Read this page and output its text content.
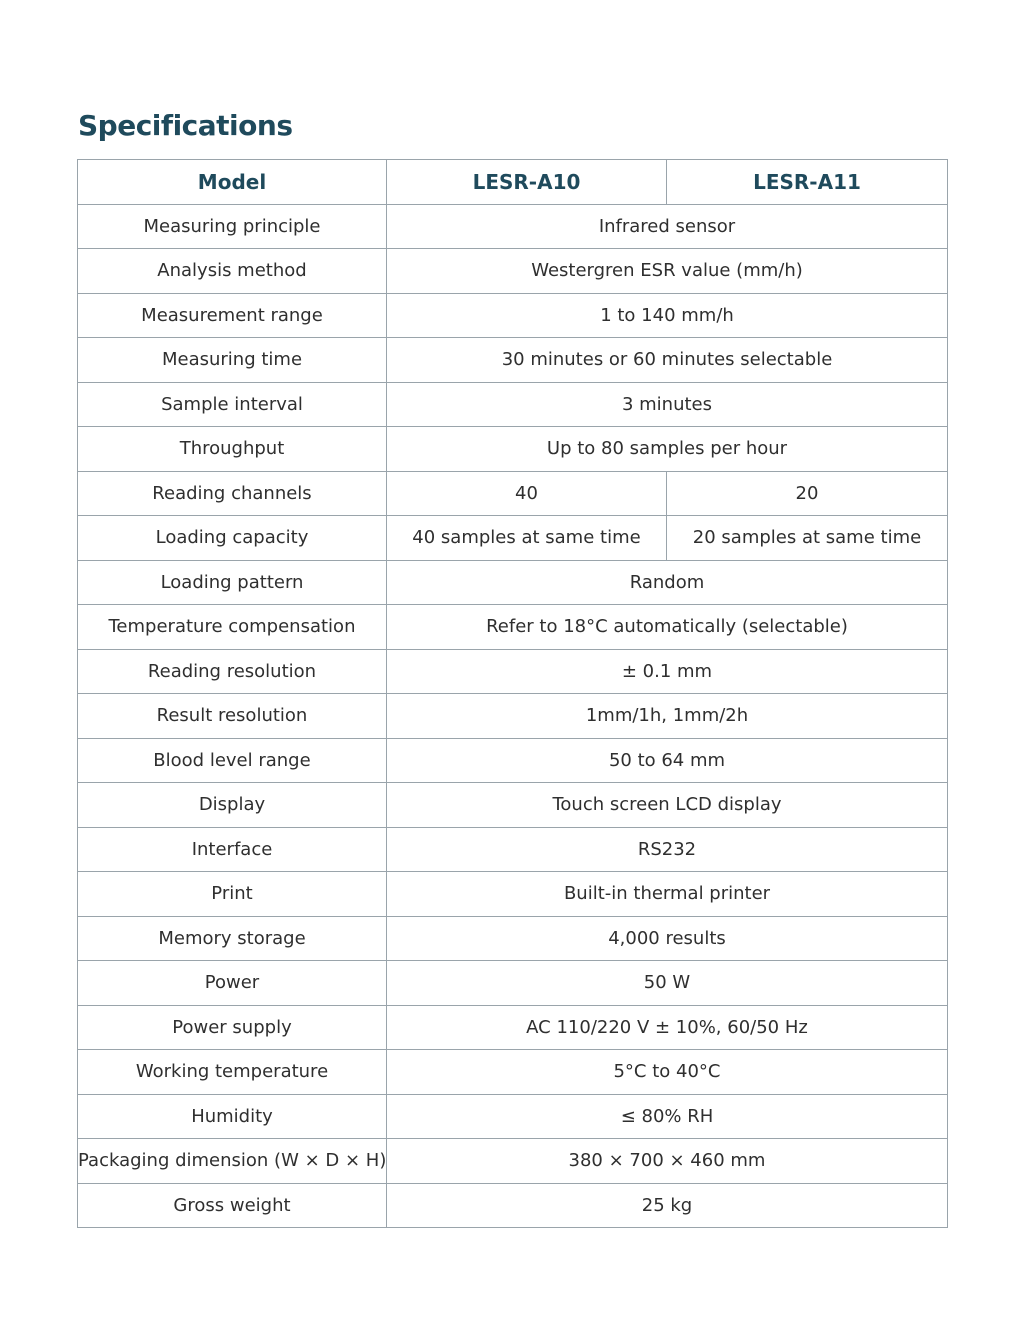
Specifications
Model	LESR-A10	LESR-A11
Measuring principle	Infrared sensor	
Analysis method	Westergren ESR value (mm/h)	
Measurement range	1 to 140 mm/h	
Measuring time	30 minutes or 60 minutes selectable	
Sample interval	3 minutes	
Throughput	Up to 80 samples per hour	
Reading channels	40	20
Loading capacity	40 samples at same time	20 samples at same time
Loading pattern	Random	
Temperature compensation	Refer to 18°C automatically (selectable)	
Reading resolution	± 0.1 mm	
Result resolution	1mm/1h, 1mm/2h	
Blood level range	50 to 64 mm	
Display	Touch screen LCD display	
Interface	RS232	
Print	Built-in thermal printer	
Memory storage	4,000 results	
Power	50 W	
Power supply	AC 110/220 V ± 10%, 60/50 Hz	
Working temperature	5°C to 40°C	
Humidity	≤ 80% RH	
Packaging dimension (W × D × H)	380 × 700 × 460 mm	
Gross weight	25 kg	
